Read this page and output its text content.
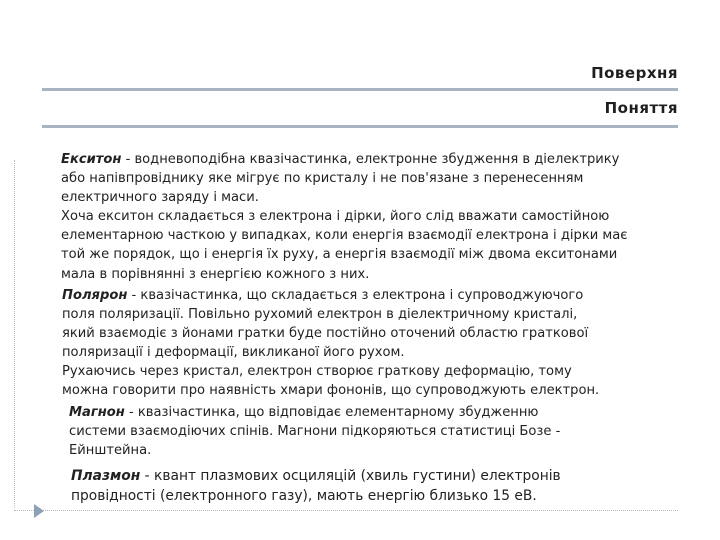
Поверхня
Поняття

Екситон - водневоподібна квазічастинка, електронне збудження в діелектрику або напівпровіднику яке мігрує по кристалу і не пов'язане з перенесенням електричного заряду і маси.

Хоча екситон складається з електрона і дірки, його слід вважати самостійною елементарною часткою у випадках, коли енергія взаємодії електрона і дірки має той же порядок, що і енергія їх руху, а енергія взаємодії між двома екситонами мала в порівнянні з енергією кожного з них.

Полярон - квазічастинка, що складається з електрона і супроводжуючого поля поляризації. Повільно рухомий електрон в діелектричному кристалі, який взаємодіє з йонами гратки буде постійно оточений областю граткової поляризації і деформації, викликаної його рухом.

Рухаючись через кристал, електрон створює граткову деформацію, тому можна говорити про наявність хмари фононів, що супроводжують електрон.

Магнон - квазічастинка, що відповідає елементарному збудженню системи взаємодіючих спінів. Магнони підкоряються статистиці Бозе - Ейнштейна.

Плазмон - квант плазмових осциляцій (хвиль густини) електронів провідності (електронного газу), мають енергію близько 15 еВ.
